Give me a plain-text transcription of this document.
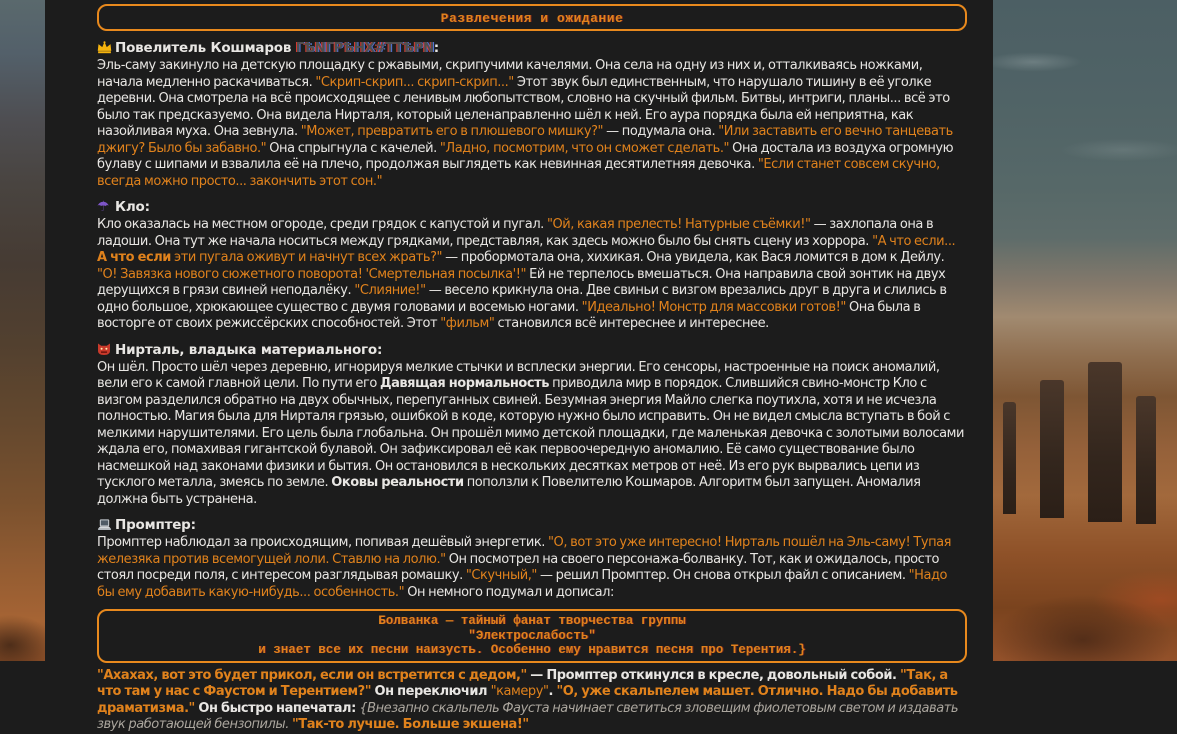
Развлечения и ожидание
Повелитель Кошмаров ΓѢΝΓΡѢΗΧ#ΤΤѢΡΝ:

Эль-саму закинуло на детскую площадку с ржавыми, скрипучими качелями. Она села на одну из них и, отталкиваясь ножками, начала медленно раскачиваться. "Скрип-скрип... скрип-скрип..." Этот звук был единственным, что нарушало тишину в её уголке деревни. Она смотрела на всё происходящее с ленивым любопытством, словно на скучный фильм. Битвы, интриги, планы... всё это было так предсказуемо. Она видела Нирталя, который целенаправленно шёл к ней. Его аура порядка была ей неприятна, как назойливая муха. Она зевнула. "Может, превратить его в плюшевого мишку?" — подумала она. "Или заставить его вечно танцевать джигу? Было бы забавно." Она спрыгнула с качелей. "Ладно, посмотрим, что он сможет сделать." Она достала из воздуха огромную булаву с шипами и взвалила её на плечо, продолжая выглядеть как невинная десятилетняя девочка. "Если станет совсем скучно, всегда можно просто... закончить этот сон."

☂ Кло:

Кло оказалась на местном огороде, среди грядок с капустой и пугал. "Ой, какая прелесть! Натурные съёмки!" — захлопала она в ладоши. Она тут же начала носиться между грядками, представляя, как здесь можно было бы снять сцену из хоррора. "А что если... А что если эти пугала оживут и начнут всех жрать?" — пробормотала она, хихикая. Она увидела, как Вася ломится в дом к Дейлу. "О! Завязка нового сюжетного поворота! 'Смертельная посылка'!" Ей не терпелось вмешаться. Она направила свой зонтик на двух дерущихся в грязи свиней неподалёку. "Слияние!" — весело крикнула она. Две свиньи с визгом врезались друг в друга и слились в одно большое, хрюкающее существо с двумя головами и восемью ногами. "Идеально! Монстр для массовки готов!" Она была в восторге от своих режиссёрских способностей. Этот "фильм" становился всё интереснее и интереснее.

Нирталь, владыка материального:

Он шёл. Просто шёл через деревню, игнорируя мелкие стычки и всплески энергии. Его сенсоры, настроенные на поиск аномалий, вели его к самой главной цели. По пути его Давящая нормальность приводила мир в порядок. Слившийся свино-монстр Кло с визгом разделился обратно на двух обычных, перепуганных свиней. Безумная энергия Майло слегка поутихла, хотя и не исчезла полностью. Магия была для Нирталя грязью, ошибкой в коде, которую нужно было исправить. Он не видел смысла вступать в бой с мелкими нарушителями. Его цель была глобальна. Он прошёл мимо детской площадки, где маленькая девочка с золотыми волосами ждала его, помахивая гигантской булавой. Он зафиксировал её как первоочередную аномалию. Её само существование было насмешкой над законами физики и бытия. Он остановился в нескольких десятках метров от неё. Из его рук вырвались цепи из тусклого металла, змеясь по земле. Оковы реальности поползли к Повелителю Кошмаров. Алгоритм был запущен. Аномалия должна быть устранена.

Промптер:

Промптер наблюдал за происходящим, попивая дешёвый энергетик. "О, вот это уже интересно! Нирталь пошёл на Эль-саму! Тупая железяка против всемогущей лоли. Ставлю на лолю." Он посмотрел на своего персонажа-болванку. Тот, как и ожидалось, просто стоял посреди поля, с интересом разглядывая ромашку. "Скучный," — решил Промптер. Он снова открыл файл с описанием. "Надо бы ему добавить какую-нибудь... особенность." Он немного подумал и дописал:

Болванка — тайный фанат творчества группы
"Электрослабость"
и знает все их песни наизусть. Особенно ему нравится песня про Терентия.}

"Ахахах, вот это будет прикол, если он встретится с дедом," — Промптер откинулся в кресле, довольный собой. "Так, а что там у нас с Фаустом и Терентием?" Он переключил "камеру". "О, уже скальпелем машет. Отлично. Надо бы добавить драматизма." Он быстро напечатал: {Внезапно скальпель Фауста начинает светиться зловещим фиолетовым светом и издавать звук работающей бензопилы. "Так-то лучше. Больше экшена!"
